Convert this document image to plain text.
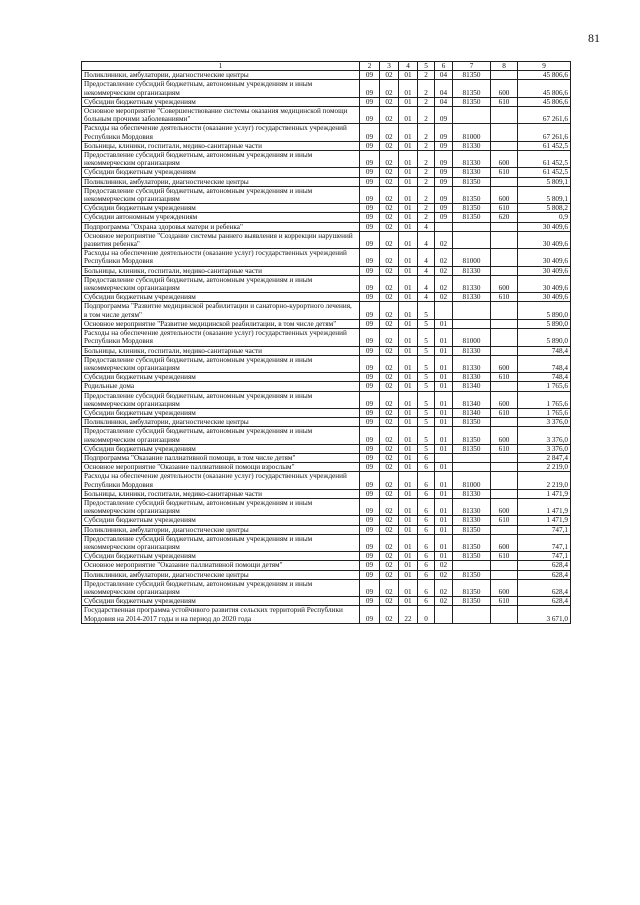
81
1	2	3	4	5	6	7	8	9
Поликлиники, амбулатории, диагностические центры	09	02	01	2	04	81350		45 806,6
Предоставление субсидий бюджетным, автономным учреждениям и иным некоммерческим организациям	09	02	01	2	04	81350	600	45 806,6
Субсидии бюджетным учреждениям	09	02	01	2	04	81350	610	45 806,6
Основное мероприятие "Совершенствование системы оказания медицинской помощи больным прочими заболеваниями"	09	02	01	2	09			67 261,6
Расходы на обеспечение деятельности (оказание услуг) государственных учреждений Республики Мордовия	09	02	01	2	09	81000		67 261,6
Больницы, клиники, госпитали, медико-санитарные части	09	02	01	2	09	81330		61 452,5
Предоставление субсидий бюджетным, автономным учреждениям и иным некоммерческим организациям	09	02	01	2	09	81330	600	61 452,5
Субсидии бюджетным учреждениям	09	02	01	2	09	81330	610	61 452,5
Поликлиники, амбулатории, диагностические центры	09	02	01	2	09	81350		5 809,1
Предоставление субсидий бюджетным, автономным учреждениям и иным некоммерческим организациям	09	02	01	2	09	81350	600	5 809,1
Субсидии бюджетным учреждениям	09	02	01	2	09	81350	610	5 808,2
Субсидии автономным учреждениям	09	02	01	2	09	81350	620	0,9
Подпрограмма "Охрана здоровья матери и ребенка"	09	02	01	4				30 409,6
Основное мероприятие "Создание системы раннего выявления и коррекции нарушений развития ребенка"	09	02	01	4	02			30 409,6
Расходы на обеспечение деятельности (оказание услуг) государственных учреждений Республики Мордовия	09	02	01	4	02	81000		30 409,6
Больницы, клиники, госпитали, медико-санитарные части	09	02	01	4	02	81330		30 409,6
Предоставление субсидий бюджетным, автономным учреждениям и иным некоммерческим организациям	09	02	01	4	02	81330	600	30 409,6
Субсидии бюджетным учреждениям	09	02	01	4	02	81330	610	30 409,6
Подпрограмма "Развитие медицинской реабилитации и санаторно-курортного лечения, в том числе детям"	09	02	01	5				5 890,0
Основное мероприятие "Развитие медицинской реабилитации, в том числе детям"	09	02	01	5	01			5 890,0
Расходы на обеспечение деятельности (оказание услуг) государственных учреждений Республики Мордовия	09	02	01	5	01	81000		5 890,0
Больницы, клиники, госпитали, медико-санитарные части	09	02	01	5	01	81330		748,4
Предоставление субсидий бюджетным, автономным учреждениям и иным некоммерческим организациям	09	02	01	5	01	81330	600	748,4
Субсидии бюджетным учреждениям	09	02	01	5	01	81330	610	748,4
Родильные дома	09	02	01	5	01	81340		1 765,6
Предоставление субсидий бюджетным, автономным учреждениям и иным некоммерческим организациям	09	02	01	5	01	81340	600	1 765,6
Субсидии бюджетным учреждениям	09	02	01	5	01	81340	610	1 765,6
Поликлиники, амбулатории, диагностические центры	09	02	01	5	01	81350		3 376,0
Предоставление субсидий бюджетным, автономным учреждениям и иным некоммерческим организациям	09	02	01	5	01	81350	600	3 376,0
Субсидии бюджетным учреждениям	09	02	01	5	01	81350	610	3 376,0
Подпрограмма "Оказание паллиативной помощи, в том числе детям"	09	02	01	6				2 847,4
Основное мероприятие "Оказание паллиативной помощи взрослым"	09	02	01	6	01			2 219,0
Расходы на обеспечение деятельности (оказание услуг) государственных учреждений Республики Мордовия	09	02	01	6	01	81000		2 219,0
Больницы, клиники, госпитали, медико-санитарные части	09	02	01	6	01	81330		1 471,9
Предоставление субсидий бюджетным, автономным учреждениям и иным некоммерческим организациям	09	02	01	6	01	81330	600	1 471,9
Субсидии бюджетным учреждениям	09	02	01	6	01	81330	610	1 471,9
Поликлиники, амбулатории, диагностические центры	09	02	01	6	01	81350		747,1
Предоставление субсидий бюджетным, автономным учреждениям и иным некоммерческим организациям	09	02	01	6	01	81350	600	747,1
Субсидии бюджетным учреждениям	09	02	01	6	01	81350	610	747,1
Основное мероприятие "Оказание паллиативной помощи детям"	09	02	01	6	02			628,4
Поликлиники, амбулатории, диагностические центры	09	02	01	6	02	81350		628,4
Предоставление субсидий бюджетным, автономным учреждениям и иным некоммерческим организациям	09	02	01	6	02	81350	600	628,4
Субсидии бюджетным учреждениям	09	02	01	6	02	81350	610	628,4
Государственная программа устойчивого развития сельских территорий Республики Мордовия на 2014-2017 годы и на период до 2020 года	09	02	22	0				3 671,0
